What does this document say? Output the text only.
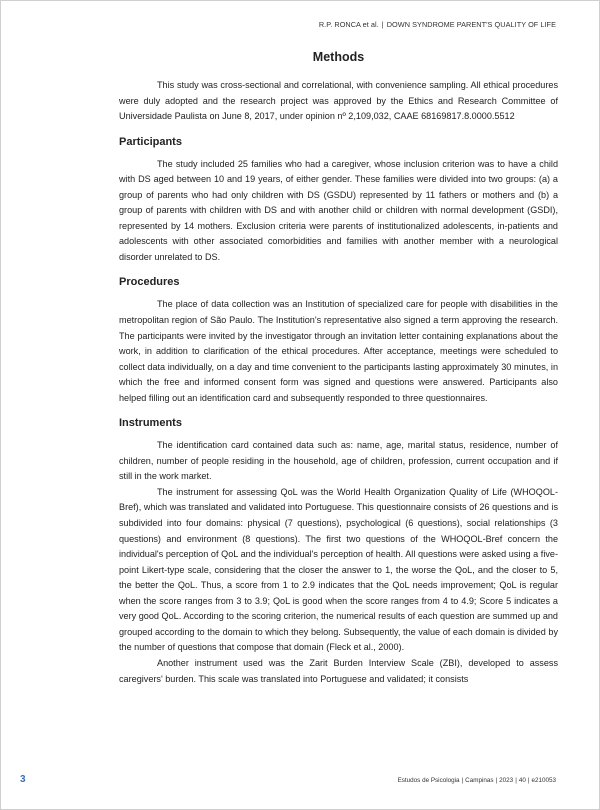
R.P. RONCA et al. | DOWN SYNDROME PARENT'S QUALITY OF LIFE
Methods

This study was cross-sectional and correlational, with convenience sampling. All ethical procedures were duly adopted and the research project was approved by the Ethics and Research Committee of Universidade Paulista on June 8, 2017, under opinion nº 2,109,032, CAAE 68169817.8.0000.5512

Participants

The study included 25 families who had a caregiver, whose inclusion criterion was to have a child with DS aged between 10 and 19 years, of either gender. These families were divided into two groups: (a) a group of parents who had only children with DS (GSDU) represented by 11 fathers or mothers and (b) a group of parents with children with DS and with another child or children with normal development (GSDI), represented by 14 mothers. Exclusion criteria were parents of institutionalized adolescents, in-patients and adolescents with other associated comorbidities and families with another member with a neurological disorder unrelated to DS.

Procedures

The place of data collection was an Institution of specialized care for people with disabilities in the metropolitan region of São Paulo. The Institution's representative also signed a term approving the research. The participants were invited by the investigator through an invitation letter containing explanations about the work, in addition to clarification of the ethical procedures. After acceptance, meetings were scheduled to collect data individually, on a day and time convenient to the participants lasting approximately 30 minutes, in which the free and informed consent form was signed and questions were answered. Participants also helped filling out an identification card and subsequently responded to three questionnaires.

Instruments

The identification card contained data such as: name, age, marital status, residence, number of children, number of people residing in the household, age of children, profession, current occupation and if still in the work market.

The instrument for assessing QoL was the World Health Organization Quality of Life (WHOQOL-Bref), which was translated and validated into Portuguese. This questionnaire consists of 26 questions and is subdivided into four domains: physical (7 questions), psychological (6 questions), social relationships (3 questions) and environment (8 questions). The first two questions of the WHOQOL-Bref concern the individual's perception of QoL and the individual's perception of health. All questions were asked using a five-point Likert-type scale, considering that the closer the answer to 1, the worse the QoL, and the closer to 5, the better the QoL. Thus, a score from 1 to 2.9 indicates that the QoL needs improvement; QoL is regular when the score ranges from 3 to 3.9; QoL is good when the score ranges from 4 to 4.9; Score 5 indicates a very good QoL. According to the scoring criterion, the numerical results of each question are summed up and grouped according to the domain to which they belong. Subsequently, the value of each domain is divided by the number of questions that compose that domain (Fleck et al., 2000).

Another instrument used was the Zarit Burden Interview Scale (ZBI), developed to assess caregivers' burden. This scale was translated into Portuguese and validated; it consists

3	Estudos de Psicologia | Campinas | 2023 | 40 | e210053
